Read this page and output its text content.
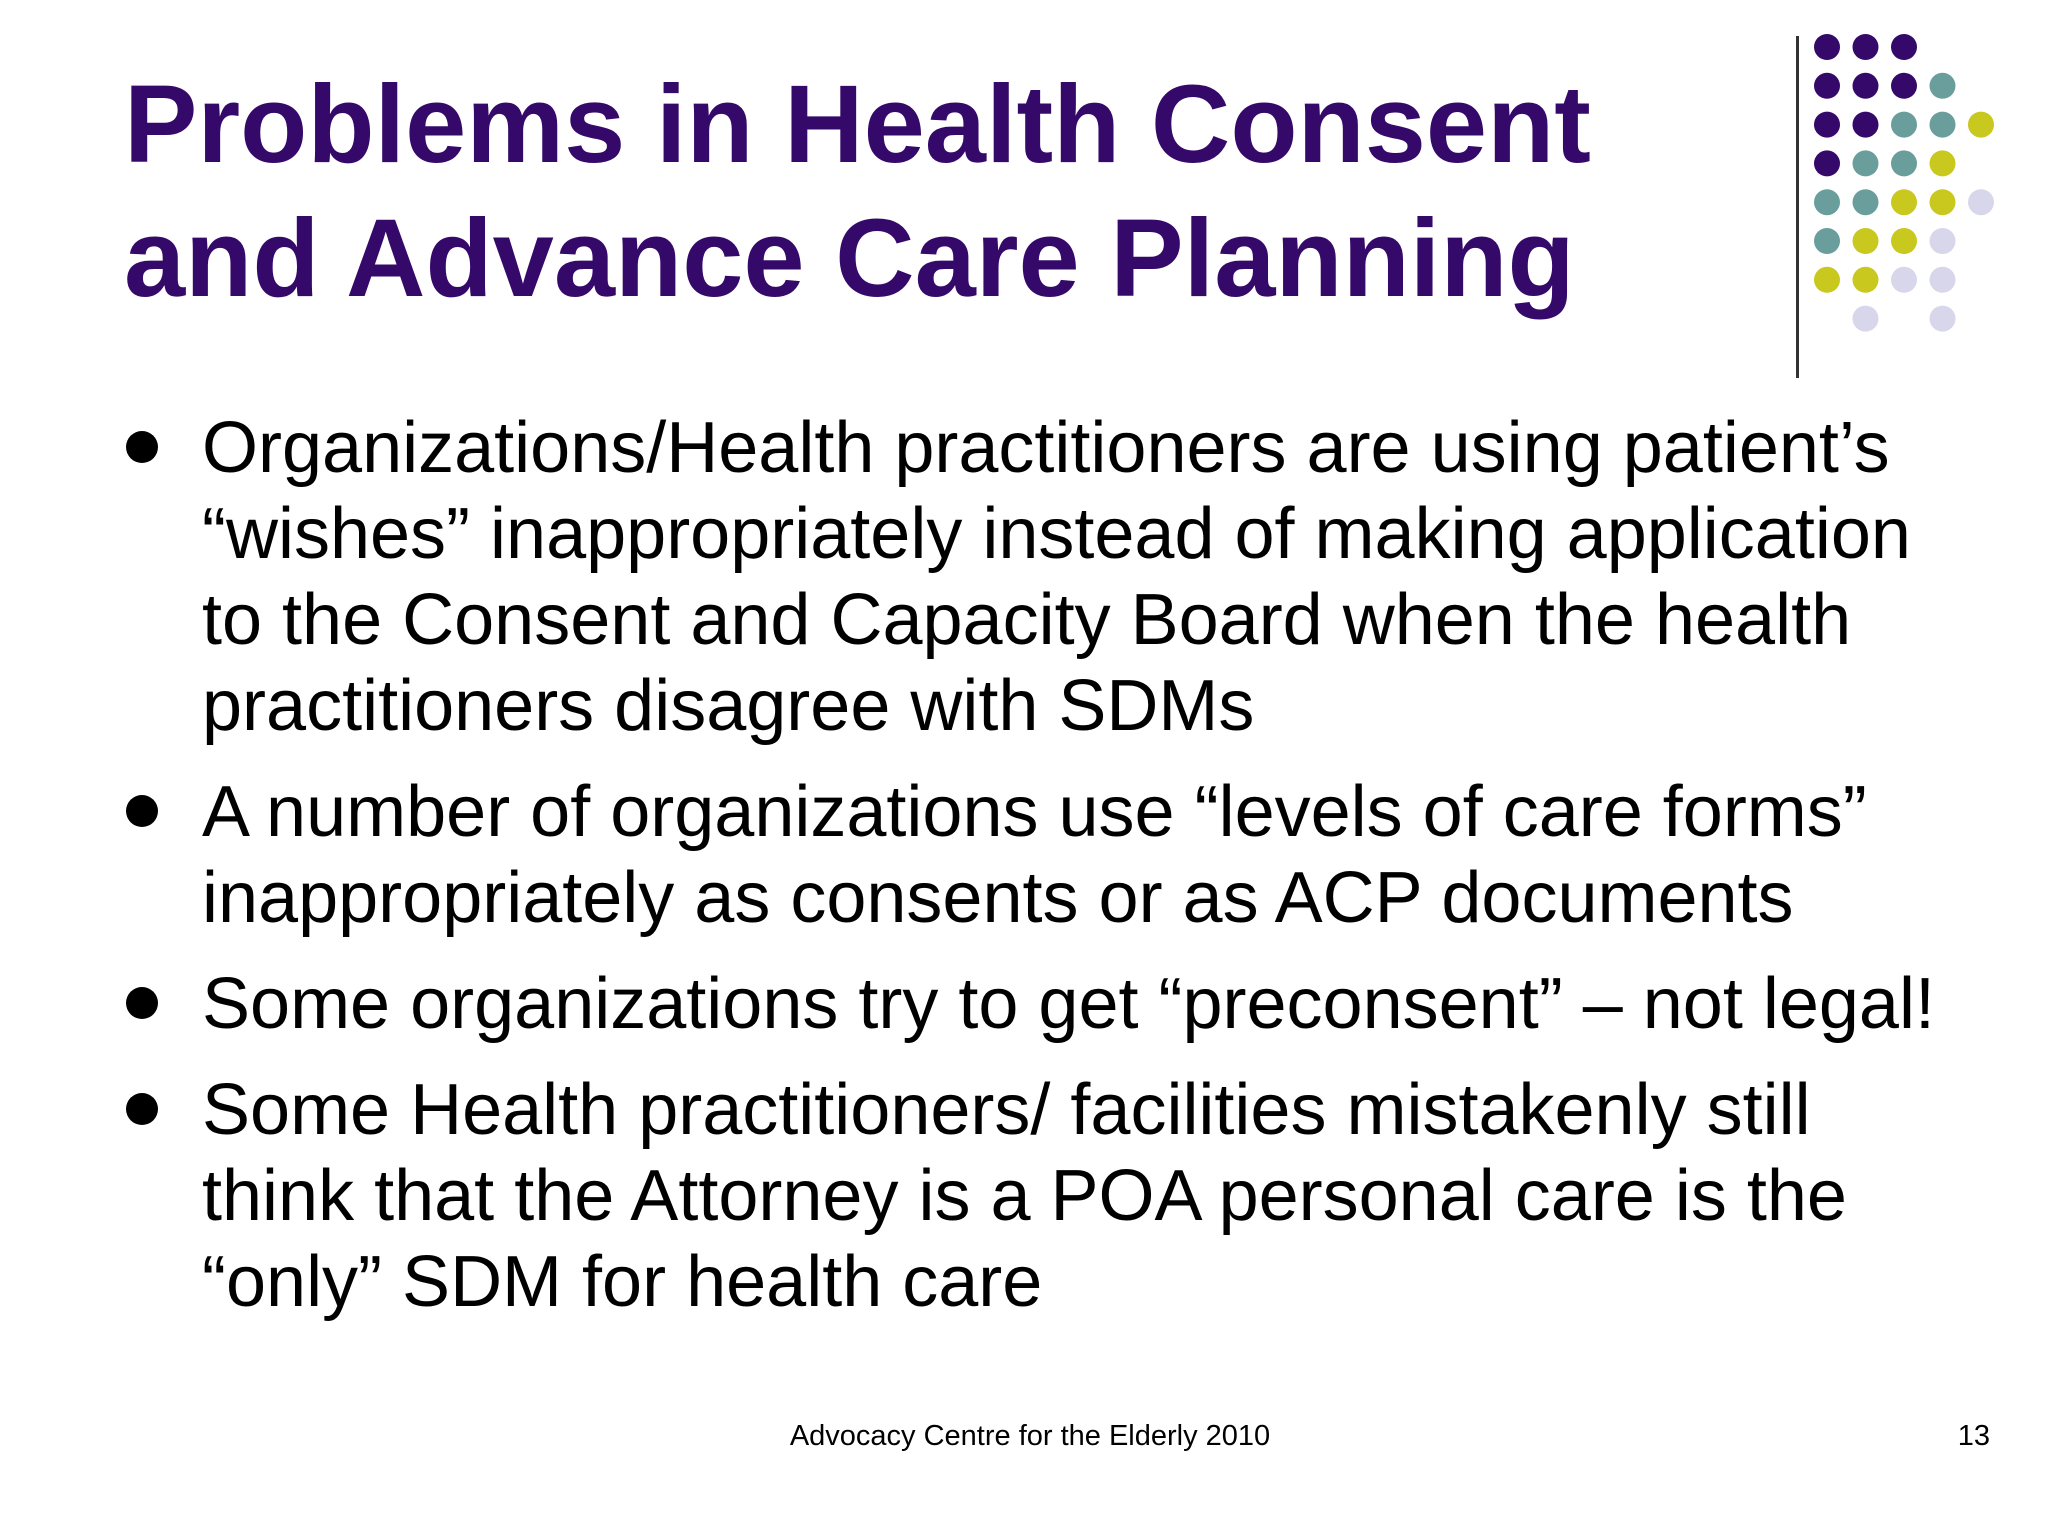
Problems in Health Consent
and Advance Care Planning
Organizations/Health practitioners are using patient’s
“wishes” inappropriately instead of making application
to the Consent and Capacity Board when the health
practitioners disagree with SDMs
A number of organizations use “levels of care forms”
inappropriately as consents or as ACP documents
Some organizations try to get “preconsent” – not legal!
Some Health practitioners/ facilities mistakenly still
think that the Attorney is a POA personal care is the
“only” SDM for health care
Advocacy Centre for the Elderly 2010	13
